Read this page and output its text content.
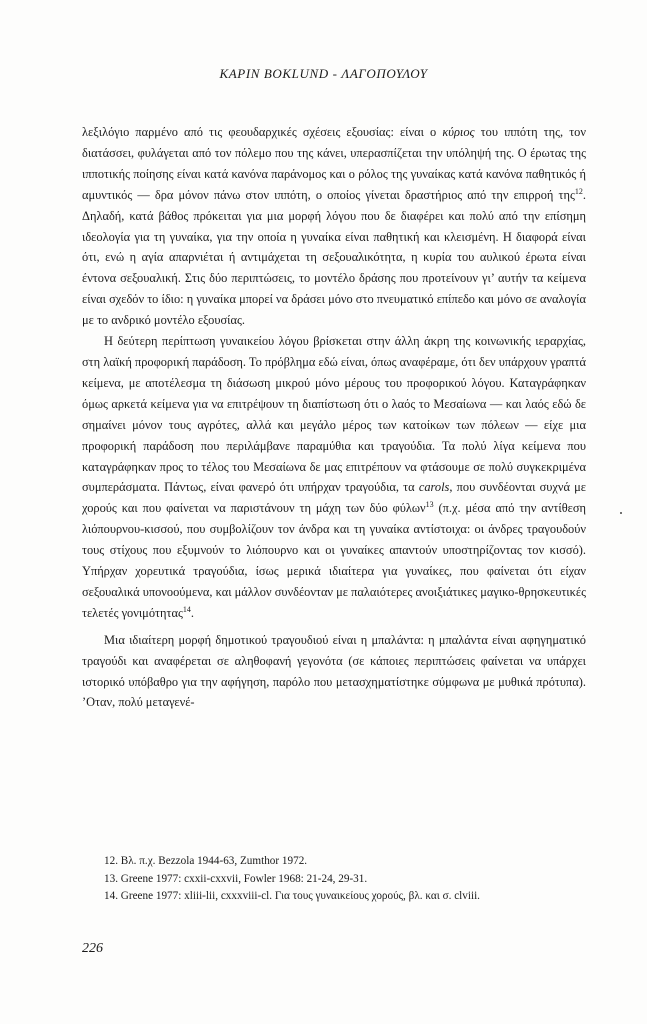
ΚΑΡΙΝ BOKLUND - ΛΑΓΟΠΟΥΛΟΥ

λεξιλόγιο παρμένο από τις φεουδαρχικές σχέσεις εξουσίας: είναι ο κύριος του ιππότη της, τον διατάσσει, φυλάγεται από τον πόλεμο που της κάνει, υπερασπίζεται την υπόληψή της. Ο έρωτας της ιπποτικής ποίησης είναι κατά κανόνα παράνομος και ο ρόλος της γυναίκας κατά κανόνα παθητικός ή αμυντικός — δρα μόνον πάνω στον ιππότη, ο οποίος γίνεται δραστήριος από την επιρροή της$^{12}$. Δηλαδή, κατά βάθος πρόκειται για μια μορφή λόγου που δε διαφέρει και πολύ από την επίσημη ιδεολογία για τη γυναίκα, για την οποία η γυναίκα είναι παθητική και κλεισμένη. Η διαφορά είναι ότι, ενώ η αγία απαρνιέται ή αντιμάχεται τη σεξουαλικότητα, η κυρία του αυλικού έρωτα είναι έντονα σεξουαλική. Στις δύο περιπτώσεις, το μοντέλο δράσης που προτείνουν γι’ αυτήν τα κείμενα είναι σχεδόν το ίδιο: η γυναίκα μπορεί να δράσει μόνο στο πνευματικό επίπεδο και μόνο σε αναλογία με το ανδρικό μοντέλο εξουσίας.

Η δεύτερη περίπτωση γυναικείου λόγου βρίσκεται στην άλλη άκρη της κοινωνικής ιεραρχίας, στη λαϊκή προφορική παράδοση. Το πρόβλημα εδώ είναι, όπως αναφέραμε, ότι δεν υπάρχουν γραπτά κείμενα, με αποτέλεσμα τη διάσωση μικρού μόνο μέρους του προφορικού λόγου. Καταγράφηκαν όμως αρκετά κείμενα για να επιτρέψουν τη διαπίστωση ότι ο λαός το Μεσαίωνα — και λαός εδώ δε σημαίνει μόνον τους αγρότες, αλλά και μεγάλο μέρος των κατοίκων των πόλεων — είχε μια προφορική παράδοση που περιλάμβανε παραμύθια και τραγούδια. Τα πολύ λίγα κείμενα που καταγράφηκαν προς το τέλος του Μεσαίωνα δε μας επιτρέπουν να φτάσουμε σε πολύ συγκεκριμένα συμπεράσματα. Πάντως, είναι φανερό ότι υπήρχαν τραγούδια, τα carols, που συνδέονται συχνά με χορούς και που φαίνεται να παριστάνουν τη μάχη των δύο φύλων$^{13}$ (π.χ. μέσα από την αντίθεση λιόπουρνου-κισσού, που συμβολίζουν τον άνδρα και τη γυναίκα αντίστοιχα: οι άνδρες τραγουδούν τους στίχους που εξυμνούν το λιόπουρνο και οι γυναίκες απαντούν υποστηρίζοντας τον κισσό). Υπήρχαν χορευτικά τραγούδια, ίσως μερικά ιδιαίτερα για γυναίκες, που φαίνεται ότι είχαν σεξουαλικά υπονοούμενα, και μάλλον συνδέονταν με παλαιότερες ανοιξιάτικες μαγικο-θρησκευτικές τελετές γονιμότητας$^{14}$.

Μια ιδιαίτερη μορφή δημοτικού τραγουδιού είναι η μπαλάντα: η μπαλάντα είναι αφηγηματικό τραγούδι και αναφέρεται σε αληθοφανή γεγονότα (σε κάποιες περιπτώσεις φαίνεται να υπάρχει ιστορικό υπόβαθρο για την αφήγηση, παρόλο που μετασχηματίστηκε σύμφωνα με μυθικά πρότυπα). ’Οταν, πολύ μεταγενέ-

12. Βλ. π.χ. Bezzola 1944-63, Zumthor 1972.

13. Greene 1977: cxxii-cxxvii, Fowler 1968: 21-24, 29-31.

14. Greene 1977: xliii-lii, cxxxviii-cl. Για τους γυναικείους χορούς, βλ. και σ. clviii.

226
